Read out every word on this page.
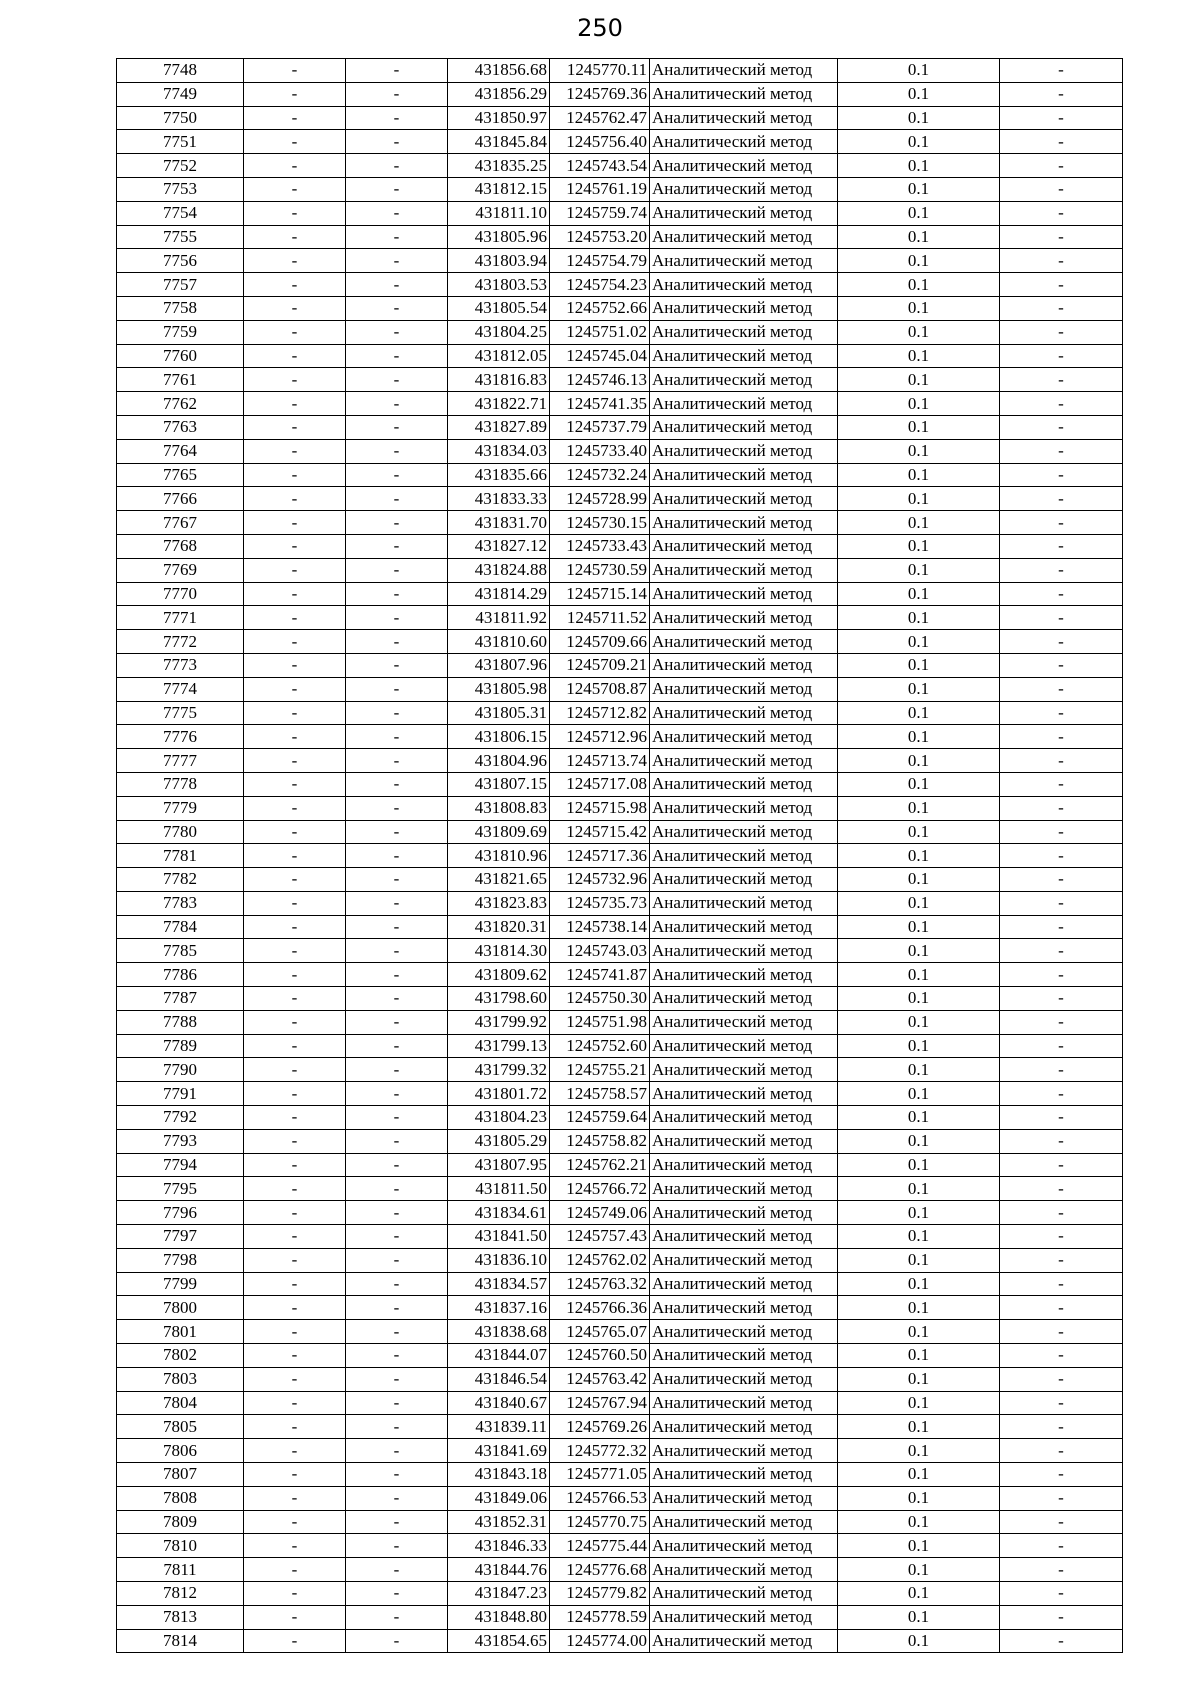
250
7748	-	-	431856.68	1245770.11	Аналитический метод	0.1	-
7749	-	-	431856.29	1245769.36	Аналитический метод	0.1	-
7750	-	-	431850.97	1245762.47	Аналитический метод	0.1	-
7751	-	-	431845.84	1245756.40	Аналитический метод	0.1	-
7752	-	-	431835.25	1245743.54	Аналитический метод	0.1	-
7753	-	-	431812.15	1245761.19	Аналитический метод	0.1	-
7754	-	-	431811.10	1245759.74	Аналитический метод	0.1	-
7755	-	-	431805.96	1245753.20	Аналитический метод	0.1	-
7756	-	-	431803.94	1245754.79	Аналитический метод	0.1	-
7757	-	-	431803.53	1245754.23	Аналитический метод	0.1	-
7758	-	-	431805.54	1245752.66	Аналитический метод	0.1	-
7759	-	-	431804.25	1245751.02	Аналитический метод	0.1	-
7760	-	-	431812.05	1245745.04	Аналитический метод	0.1	-
7761	-	-	431816.83	1245746.13	Аналитический метод	0.1	-
7762	-	-	431822.71	1245741.35	Аналитический метод	0.1	-
7763	-	-	431827.89	1245737.79	Аналитический метод	0.1	-
7764	-	-	431834.03	1245733.40	Аналитический метод	0.1	-
7765	-	-	431835.66	1245732.24	Аналитический метод	0.1	-
7766	-	-	431833.33	1245728.99	Аналитический метод	0.1	-
7767	-	-	431831.70	1245730.15	Аналитический метод	0.1	-
7768	-	-	431827.12	1245733.43	Аналитический метод	0.1	-
7769	-	-	431824.88	1245730.59	Аналитический метод	0.1	-
7770	-	-	431814.29	1245715.14	Аналитический метод	0.1	-
7771	-	-	431811.92	1245711.52	Аналитический метод	0.1	-
7772	-	-	431810.60	1245709.66	Аналитический метод	0.1	-
7773	-	-	431807.96	1245709.21	Аналитический метод	0.1	-
7774	-	-	431805.98	1245708.87	Аналитический метод	0.1	-
7775	-	-	431805.31	1245712.82	Аналитический метод	0.1	-
7776	-	-	431806.15	1245712.96	Аналитический метод	0.1	-
7777	-	-	431804.96	1245713.74	Аналитический метод	0.1	-
7778	-	-	431807.15	1245717.08	Аналитический метод	0.1	-
7779	-	-	431808.83	1245715.98	Аналитический метод	0.1	-
7780	-	-	431809.69	1245715.42	Аналитический метод	0.1	-
7781	-	-	431810.96	1245717.36	Аналитический метод	0.1	-
7782	-	-	431821.65	1245732.96	Аналитический метод	0.1	-
7783	-	-	431823.83	1245735.73	Аналитический метод	0.1	-
7784	-	-	431820.31	1245738.14	Аналитический метод	0.1	-
7785	-	-	431814.30	1245743.03	Аналитический метод	0.1	-
7786	-	-	431809.62	1245741.87	Аналитический метод	0.1	-
7787	-	-	431798.60	1245750.30	Аналитический метод	0.1	-
7788	-	-	431799.92	1245751.98	Аналитический метод	0.1	-
7789	-	-	431799.13	1245752.60	Аналитический метод	0.1	-
7790	-	-	431799.32	1245755.21	Аналитический метод	0.1	-
7791	-	-	431801.72	1245758.57	Аналитический метод	0.1	-
7792	-	-	431804.23	1245759.64	Аналитический метод	0.1	-
7793	-	-	431805.29	1245758.82	Аналитический метод	0.1	-
7794	-	-	431807.95	1245762.21	Аналитический метод	0.1	-
7795	-	-	431811.50	1245766.72	Аналитический метод	0.1	-
7796	-	-	431834.61	1245749.06	Аналитический метод	0.1	-
7797	-	-	431841.50	1245757.43	Аналитический метод	0.1	-
7798	-	-	431836.10	1245762.02	Аналитический метод	0.1	-
7799	-	-	431834.57	1245763.32	Аналитический метод	0.1	-
7800	-	-	431837.16	1245766.36	Аналитический метод	0.1	-
7801	-	-	431838.68	1245765.07	Аналитический метод	0.1	-
7802	-	-	431844.07	1245760.50	Аналитический метод	0.1	-
7803	-	-	431846.54	1245763.42	Аналитический метод	0.1	-
7804	-	-	431840.67	1245767.94	Аналитический метод	0.1	-
7805	-	-	431839.11	1245769.26	Аналитический метод	0.1	-
7806	-	-	431841.69	1245772.32	Аналитический метод	0.1	-
7807	-	-	431843.18	1245771.05	Аналитический метод	0.1	-
7808	-	-	431849.06	1245766.53	Аналитический метод	0.1	-
7809	-	-	431852.31	1245770.75	Аналитический метод	0.1	-
7810	-	-	431846.33	1245775.44	Аналитический метод	0.1	-
7811	-	-	431844.76	1245776.68	Аналитический метод	0.1	-
7812	-	-	431847.23	1245779.82	Аналитический метод	0.1	-
7813	-	-	431848.80	1245778.59	Аналитический метод	0.1	-
7814	-	-	431854.65	1245774.00	Аналитический метод	0.1	-
